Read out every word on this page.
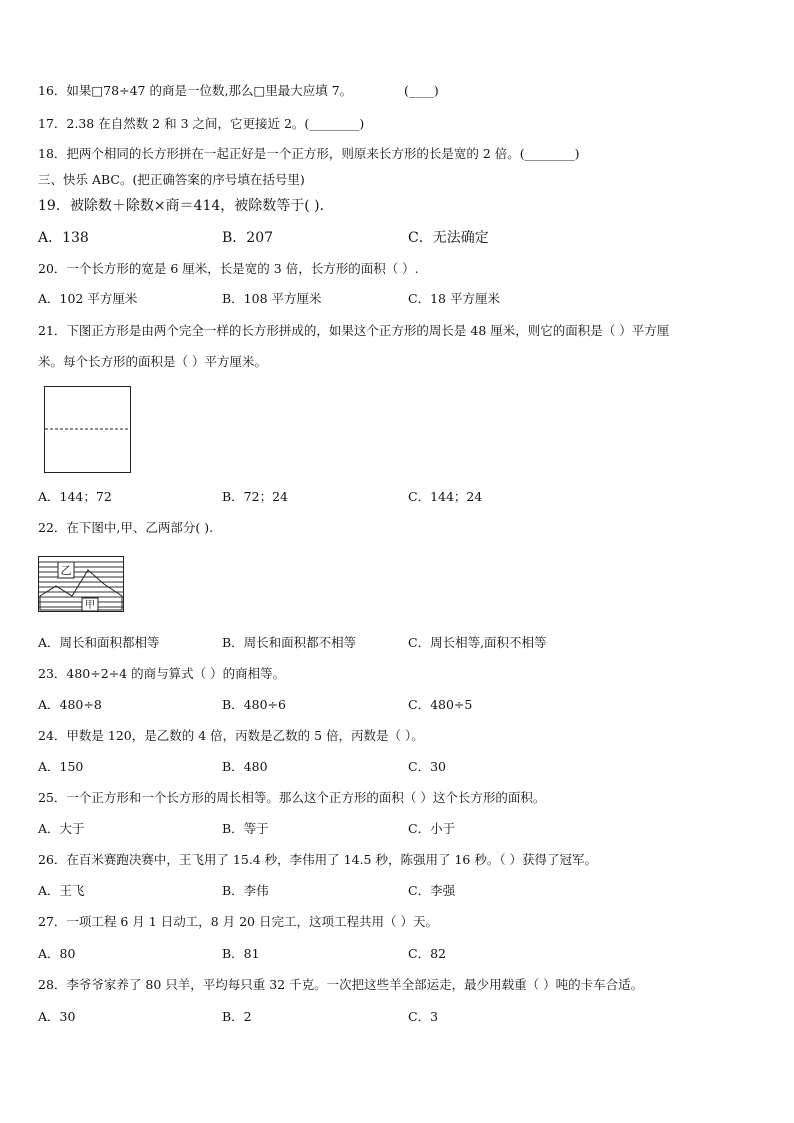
16．如果□78÷47 的商是一位数,那么□里最大应填 7。	(____)
17．2.38 在自然数 2 和 3 之间，它更接近 2。(________)
18．把两个相同的长方形拼在一起正好是一个正方形，则原来长方形的长是宽的 2 倍。(________)
三、快乐 ABC。(把正确答案的序号填在括号里)
19．被除数＋除数×商＝414，被除数等于( )．
A．138	B．207	C．无法确定
20．一个长方形的宽是 6 厘米，长是宽的 3 倍，长方形的面积（ ）.
A．102 平方厘米	B．108 平方厘米	C．18 平方厘米
21．下图正方形是由两个完全一样的长方形拼成的，如果这个正方形的周长是 48 厘米，则它的面积是（ ）平方厘
米。每个长方形的面积是（ ）平方厘米。
A．144；72	B．72；24	C．144；24
22．在下图中,甲、乙两部分( ).
乙
甲
A．周长和面积都相等	B．周长和面积都不相等	C．周长相等,面积不相等
23．480÷2÷4 的商与算式（ ）的商相等。
A．480÷8	B．480÷6	C．480÷5
24．甲数是 120，是乙数的 4 倍，丙数是乙数的 5 倍，丙数是（ ）。
A．150	B．480	C．30
25．一个正方形和一个长方形的周长相等。那么这个正方形的面积（ ）这个长方形的面积。
A．大于	B．等于	C．小于
26．在百米赛跑决赛中，王飞用了 15.4 秒，李伟用了 14.5 秒，陈强用了 16 秒。（ ）获得了冠军。
A．王飞	B．李伟	C．李强
27．一项工程 6 月 1 日动工，8 月 20 日完工，这项工程共用（ ）天。
A．80	B．81	C．82
28．李爷爷家养了 80 只羊，平均每只重 32 千克。一次把这些羊全部运走，最少用载重（ ）吨的卡车合适。
A．30	B．2	C．3
